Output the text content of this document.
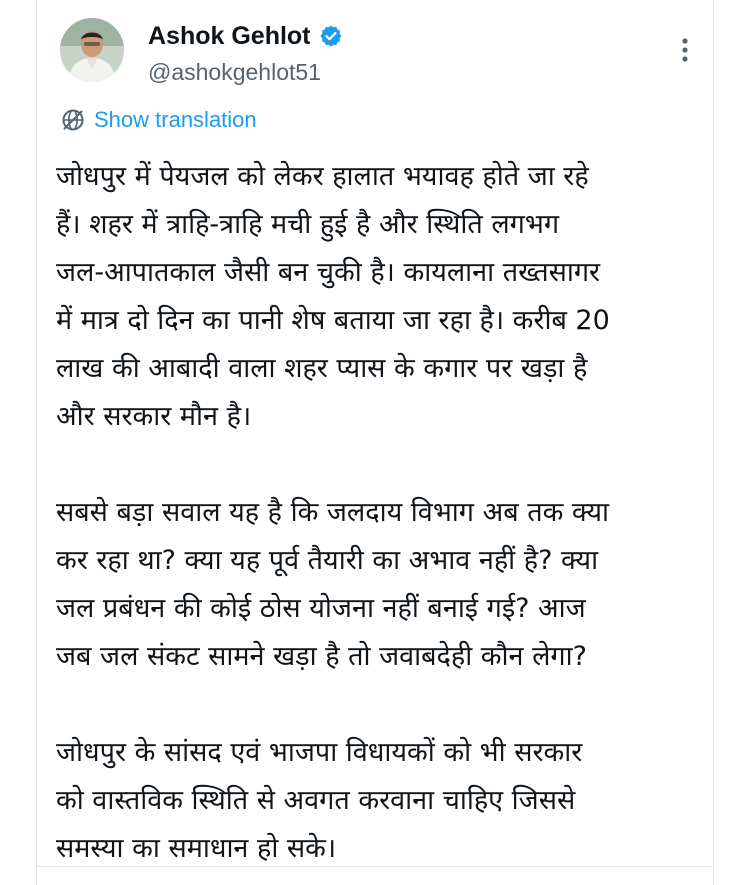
Ashok Gehlot
@ashokgehlot51
Show translation

जोधपुर में पेयजल को लेकर हालात भयावह होते जा रहे
हैं। शहर में त्राहि-त्राहि मची हुई है और स्थिति लगभग
जल-आपातकाल जैसी बन चुकी है। कायलाना तख्तसागर
में मात्र दो दिन का पानी शेष बताया जा रहा है। करीब 20
लाख की आबादी वाला शहर प्यास के कगार पर खड़ा है
और सरकार मौन है।

सबसे बड़ा सवाल यह है कि जलदाय विभाग अब तक क्या
कर रहा था? क्या यह पूर्व तैयारी का अभाव नहीं है? क्या
जल प्रबंधन की कोई ठोस योजना नहीं बनाई गई? आज
जब जल संकट सामने खड़ा है तो जवाबदेही कौन लेगा?

जोधपुर के सांसद एवं भाजपा विधायकों को भी सरकार
को वास्तविक स्थिति से अवगत करवाना चाहिए जिससे
समस्या का समाधान हो सके।
